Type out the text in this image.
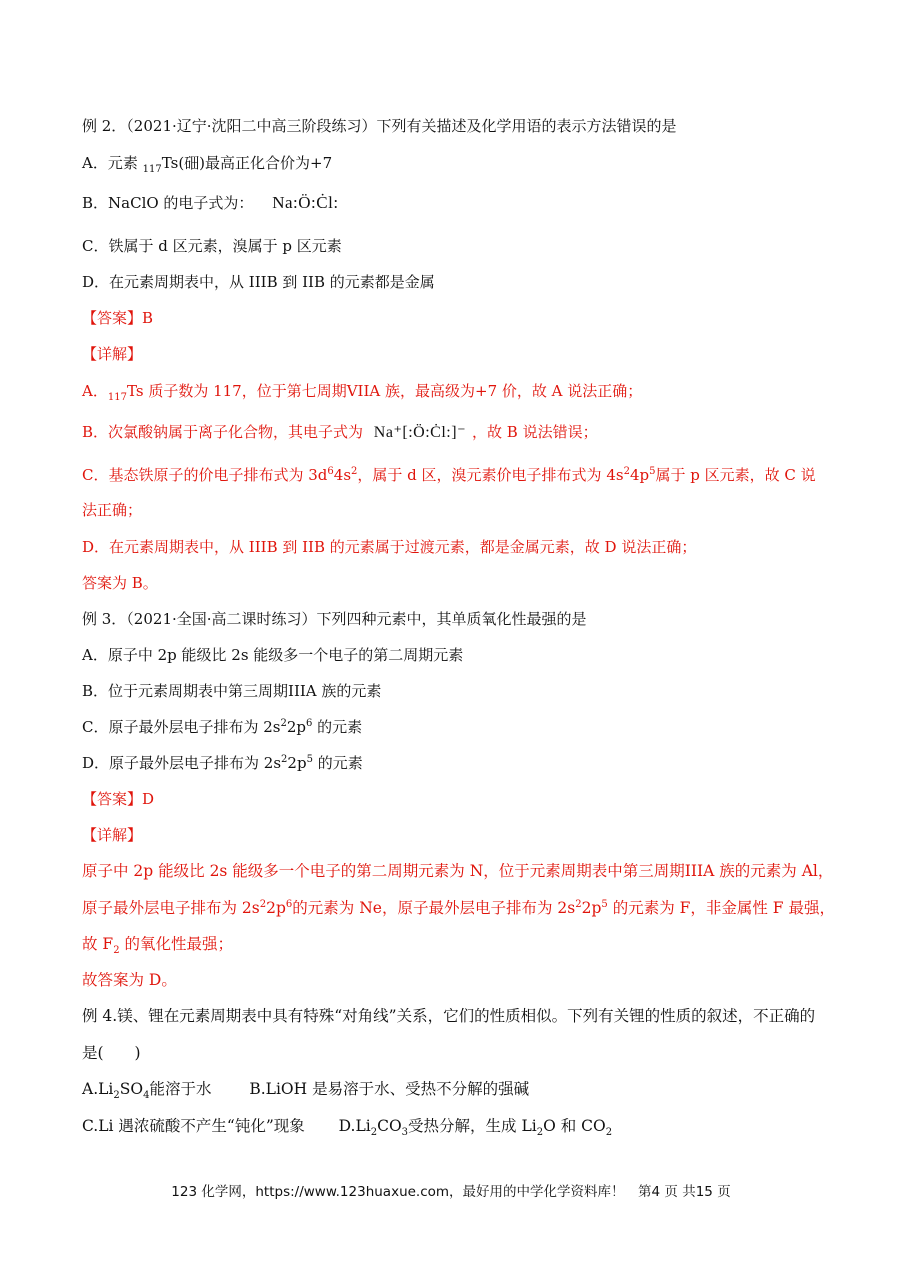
例 2．（2021·辽宁·沈阳二中高三阶段练习）下列有关描述及化学用语的表示方法错误的是
A．元素 $_{117}$Ts(鿬)最高正化合价为+7
B．NaClO 的电子式为： Na:Ö:Ċl:
C．铁属于 d 区元素，溴属于 p 区元素
D．在元素周期表中，从 IIIB 到 IIB 的元素都是金属
【答案】B
【详解】
A．$_{117}$Ts 质子数为 117，位于第七周期VIIA 族，最高级为+7 价，故 A 说法正确；
B．次氯酸钠属于离子化合物，其电子式为 Na⁺[:Ö:Ċl:]⁻ ，故 B 说法错误；
C．基态铁原子的价电子排布式为 $3d^64s^2$，属于 d 区，溴元素价电子排布式为 $4s^24p^5$属于 p 区元素，故 C 说
法正确；
D．在元素周期表中，从 IIIB 到 IIB 的元素属于过渡元素，都是金属元素，故 D 说法正确；
答案为 B。
例 3．（2021·全国·高二课时练习）下列四种元素中，其单质氧化性最强的是
A．原子中 2p 能级比 2s 能级多一个电子的第二周期元素
B．位于元素周期表中第三周期IIIA 族的元素
C．原子最外层电子排布为 $2s^22p^6$ 的元素
D．原子最外层电子排布为 $2s^22p^5$ 的元素
【答案】D
【详解】
原子中 2p 能级比 2s 能级多一个电子的第二周期元素为 N，位于元素周期表中第三周期IIIA 族的元素为 Al，
原子最外层电子排布为 $2s^22p^6$的元素为 Ne，原子最外层电子排布为 $2s^22p^5$ 的元素为 F，非金属性 F 最强，
故 $F_2$ 的氧化性最强；
故答案为 D。
例 4.镁、锂在元素周期表中具有特殊“对角线”关系，它们的性质相似。下列有关锂的性质的叙述，不正确的
是(　　)
$A.Li_2SO_4$能溶于水 B.LiOH 是易溶于水、受热不分解的强碱
C.Li 遇浓硫酸不产生“钝化”现象 $D.Li_2CO_3$受热分解，生成 $Li_2O$ 和 $CO_2$
123 化学网，https://www.123huaxue.com，最好用的中学化学资料库！　第4 页 共15 页
